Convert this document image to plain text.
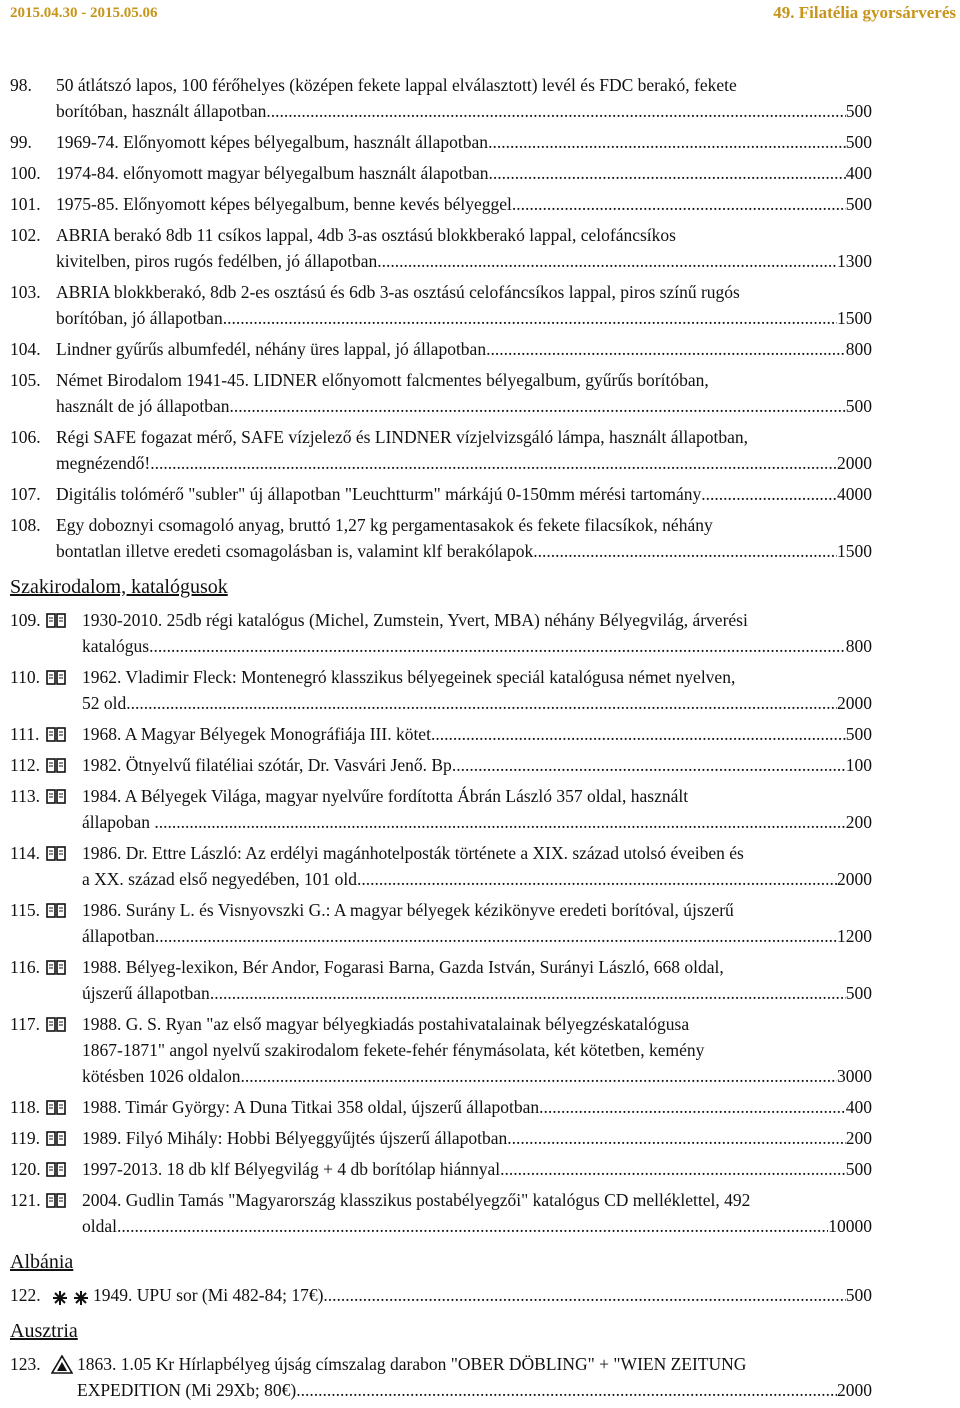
2015.04.30 - 2015.05.06	49. Filatélia gyorsárverés
98. 50 átlátszó lapos, 100 férőhelyes (középen fekete lappal elválasztott) levél és FDC berakó, fekete
borítóban, használt állapotban .....	500
99. 1969-74. Előnyomott képes bélyegalbum, használt állapotban .....	500
100. 1974-84. előnyomott magyar bélyegalbum használt álapotban .....	400
101. 1975-85. Előnyomott képes bélyegalbum, benne kevés bélyeggel .....	500
102. ABRIA berakó 8db 11 csíkos lappal, 4db 3-as osztású blokkberakó lappal, celofáncsíkos
kivitelben, piros rugós fedélben, jó állapotban .....	1300
103. ABRIA blokkberakó, 8db 2-es osztású és 6db 3-as osztású celofáncsíkos lappal, piros színű rugós
borítóban, jó állapotban .....	1500
104. Lindner gyűrűs albumfedél, néhány üres lappal, jó állapotban .....	800
105. Német Birodalom 1941-45. LIDNER előnyomott falcmentes bélyegalbum, gyűrűs borítóban,
használt de jó állapotban .....	500
106. Régi SAFE fogazat mérő, SAFE vízjelező és LINDNER vízjelvizsgáló lámpa, használt állapotban,
megnézendő! .....	2000
107. Digitális tolómérő "subler" új állapotban "Leuchtturm" márkájú 0-150mm mérési tartomány .....	4000
108. Egy doboznyi csomagoló anyag, bruttó 1,27 kg pergamentasakok és fekete filacsíkok, néhány
bontatlan illetve eredeti csomagolásban is, valamint klf berakólapok .....	1500
Szakirodalom, katalógusok
109. 1930-2010. 25db régi katalógus (Michel, Zumstein, Yvert, MBA) néhány Bélyegvilág, árverési
katalógus .....	800
110. 1962. Vladimir Fleck: Montenegró klasszikus bélyegeinek speciál katalógusa német nyelven,
52 old. .....	2000
111. 1968. A Magyar Bélyegek Monográfiája III. kötet .....	500
112. 1982. Ötnyelvű filatéliai szótár, Dr. Vasvári Jenő. Bp .....	100
113. 1984. A Bélyegek Világa, magyar nyelvűre fordította Ábrán László 357 oldal, használt
állapoban . .....	200
114. 1986. Dr. Ettre László: Az erdélyi magánhotelposták története a XIX. század utolsó éveiben és
a XX. század első negyedében, 101 old. .....	2000
115. 1986. Surány L. és Visnyovszki G.: A magyar bélyegek kézikönyve eredeti borítóval, újszerű
állapotban. .....	1200
116. 1988. Bélyeg-lexikon, Bér Andor, Fogarasi Barna, Gazda István, Surányi László, 668 oldal,
újszerű állapotban .....	500
117. 1988. G. S. Ryan "az első magyar bélyegkiadás postahivatalainak bélyegzéskatalógusa
1867-1871" angol nyelvű szakirodalom fekete-fehér fénymásolata, két kötetben, kemény
kötésben 1026 oldalon .....	3000
118. 1988. Timár György: A Duna Titkai 358 oldal, újszerű állapotban .....	400
119. 1989. Filyó Mihály: Hobbi Bélyeggyűjtés újszerű állapotban .....	200
120. 1997-2013. 18 db klf Bélyegvilág + 4 db borítólap hiánnyal .....	500
121. 2004. Gudlin Tamás "Magyarország klasszikus postabélyegzői" katalógus CD melléklettel, 492
oldal .....	10000
Albánia
122.	1949. UPU sor (Mi 482-84; 17€) .....	500
Ausztria
123. 1863. 1.05 Kr Hírlapbélyeg újság címszalag darabon "OBER DÖBLING" + "WIEN ZEITUNG
EXPEDITION (Mi 29Xb; 80€) .....	2000
